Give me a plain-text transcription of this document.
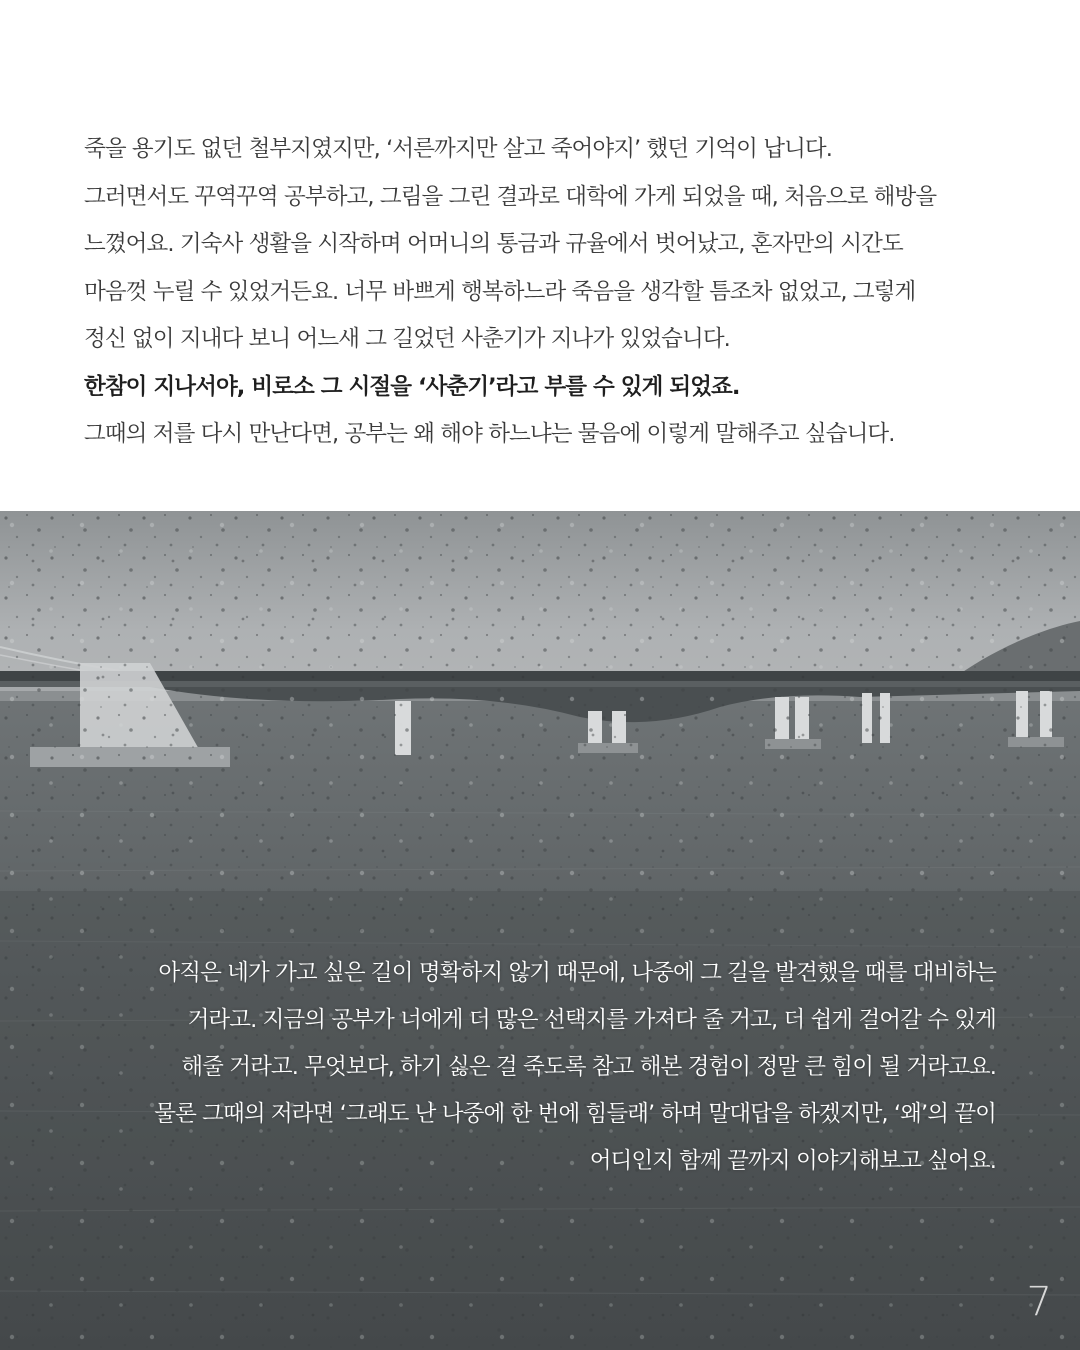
죽을 용기도 없던 철부지였지만, ‘서른까지만 살고 죽어야지’ 했던 기억이 납니다.

그러면서도 꾸역꾸역 공부하고, 그림을 그린 결과로 대학에 가게 되었을 때, 처음으로 해방을

느꼈어요. 기숙사 생활을 시작하며 어머니의 통금과 규율에서 벗어났고, 혼자만의 시간도

마음껏 누릴 수 있었거든요. 너무 바쁘게 행복하느라 죽음을 생각할 틈조차 없었고, 그렇게

정신 없이 지내다 보니 어느새 그 길었던 사춘기가 지나가 있었습니다.

한참이 지나서야, 비로소 그 시절을 ‘사춘기’라고 부를 수 있게 되었죠.

그때의 저를 다시 만난다면, 공부는 왜 해야 하느냐는 물음에 이렇게 말해주고 싶습니다.

아직은 네가 가고 싶은 길이 명확하지 않기 때문에, 나중에 그 길을 발견했을 때를 대비하는

거라고. 지금의 공부가 너에게 더 많은 선택지를 가져다 줄 거고, 더 쉽게 걸어갈 수 있게

해줄 거라고. 무엇보다, 하기 싫은 걸 죽도록 참고 해본 경험이 정말 큰 힘이 될 거라고요.

물론 그때의 저라면 ‘그래도 난 나중에 한 번에 힘들래’ 하며 말대답을 하겠지만, ‘왜’의 끝이

어디인지 함께 끝까지 이야기해보고 싶어요.

7
